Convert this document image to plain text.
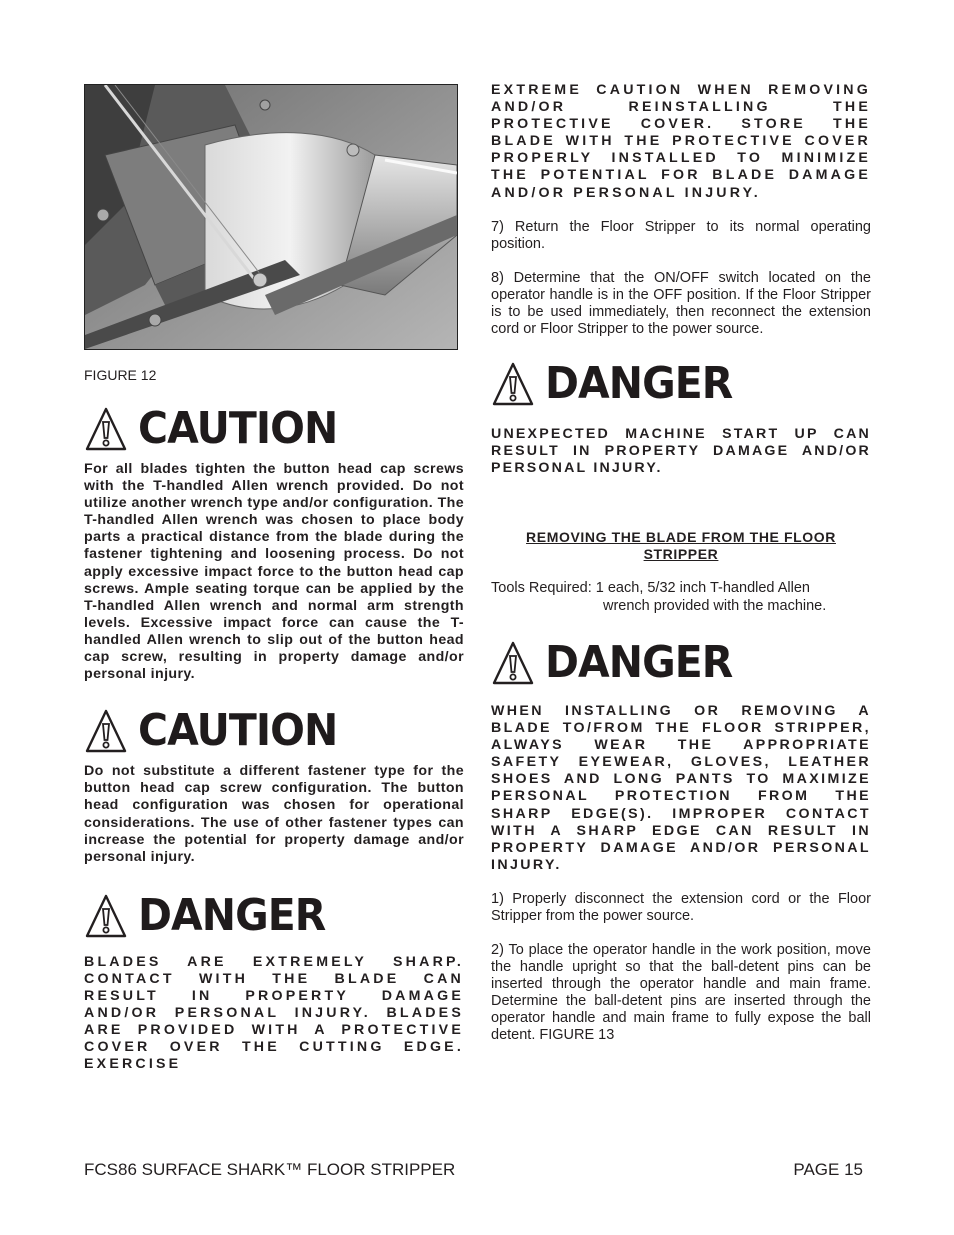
FIGURE 12
CAUTION
For all blades tighten the button head cap screws with the T-handled Allen wrench provided. Do not utilize another wrench type and/or configuration. The T-handled Allen wrench was chosen to place body parts a practical distance from the blade during the fastener tightening and loosening process. Do not apply excessive impact force to the button head cap screws. Ample seating torque can be applied by the T-handled Allen wrench and normal arm strength levels. Excessive impact force can cause the T-handled Allen wrench to slip out of the button head cap screw, resulting in property damage and/or personal injury.
CAUTION
Do not substitute a different fastener type for the button head cap screw configuration. The button head configuration was chosen for operational considerations. The use of other fastener types can increase the potential for property damage and/or personal injury.
DANGER
BLADES ARE EXTREMELY SHARP. CONTACT WITH THE BLADE CAN RESULT IN PROPERTY DAMAGE AND/OR PERSONAL INJURY. BLADES ARE PROVIDED WITH A PROTECTIVE COVER OVER THE CUTTING EDGE. EXERCISE
EXTREME CAUTION WHEN REMOVING AND/OR REINSTALLING THE PROTECTIVE COVER. STORE THE BLADE WITH THE PROTECTIVE COVER PROPERLY INSTALLED TO MINIMIZE THE POTENTIAL FOR BLADE DAMAGE AND/OR PERSONAL INJURY.
7) Return the Floor Stripper to its normal operating position.
8) Determine that the ON/OFF switch located on the operator handle is in the OFF position. If the Floor Stripper is to be used immediately, then reconnect the extension cord or Floor Stripper to the power source.
DANGER
UNEXPECTED MACHINE START UP CAN RESULT IN PROPERTY DAMAGE AND/OR PERSONAL INJURY.
REMOVING THE BLADE FROM THE FLOOR
STRIPPER
Tools Required: 1 each, 5/32 inch T-handled Allen
wrench provided with the machine.
DANGER
WHEN INSTALLING OR REMOVING A BLADE TO/FROM THE FLOOR STRIPPER, ALWAYS WEAR THE APPROPRIATE SAFETY EYEWEAR, GLOVES, LEATHER SHOES AND LONG PANTS TO MAXIMIZE PERSONAL PROTECTION FROM THE SHARP EDGE(S). IMPROPER CONTACT WITH A SHARP EDGE CAN RESULT IN PROPERTY DAMAGE AND/OR PERSONAL INJURY.
1) Properly disconnect the extension cord or the Floor Stripper from the power source.
2) To place the operator handle in the work position, move the handle upright so that the ball-detent pins can be inserted through the operator handle and main frame. Determine the ball-detent pins are inserted through the operator handle and main frame to fully expose the ball detent. FIGURE 13
FCS86 SURFACE SHARK™ FLOOR STRIPPER	PAGE 15
